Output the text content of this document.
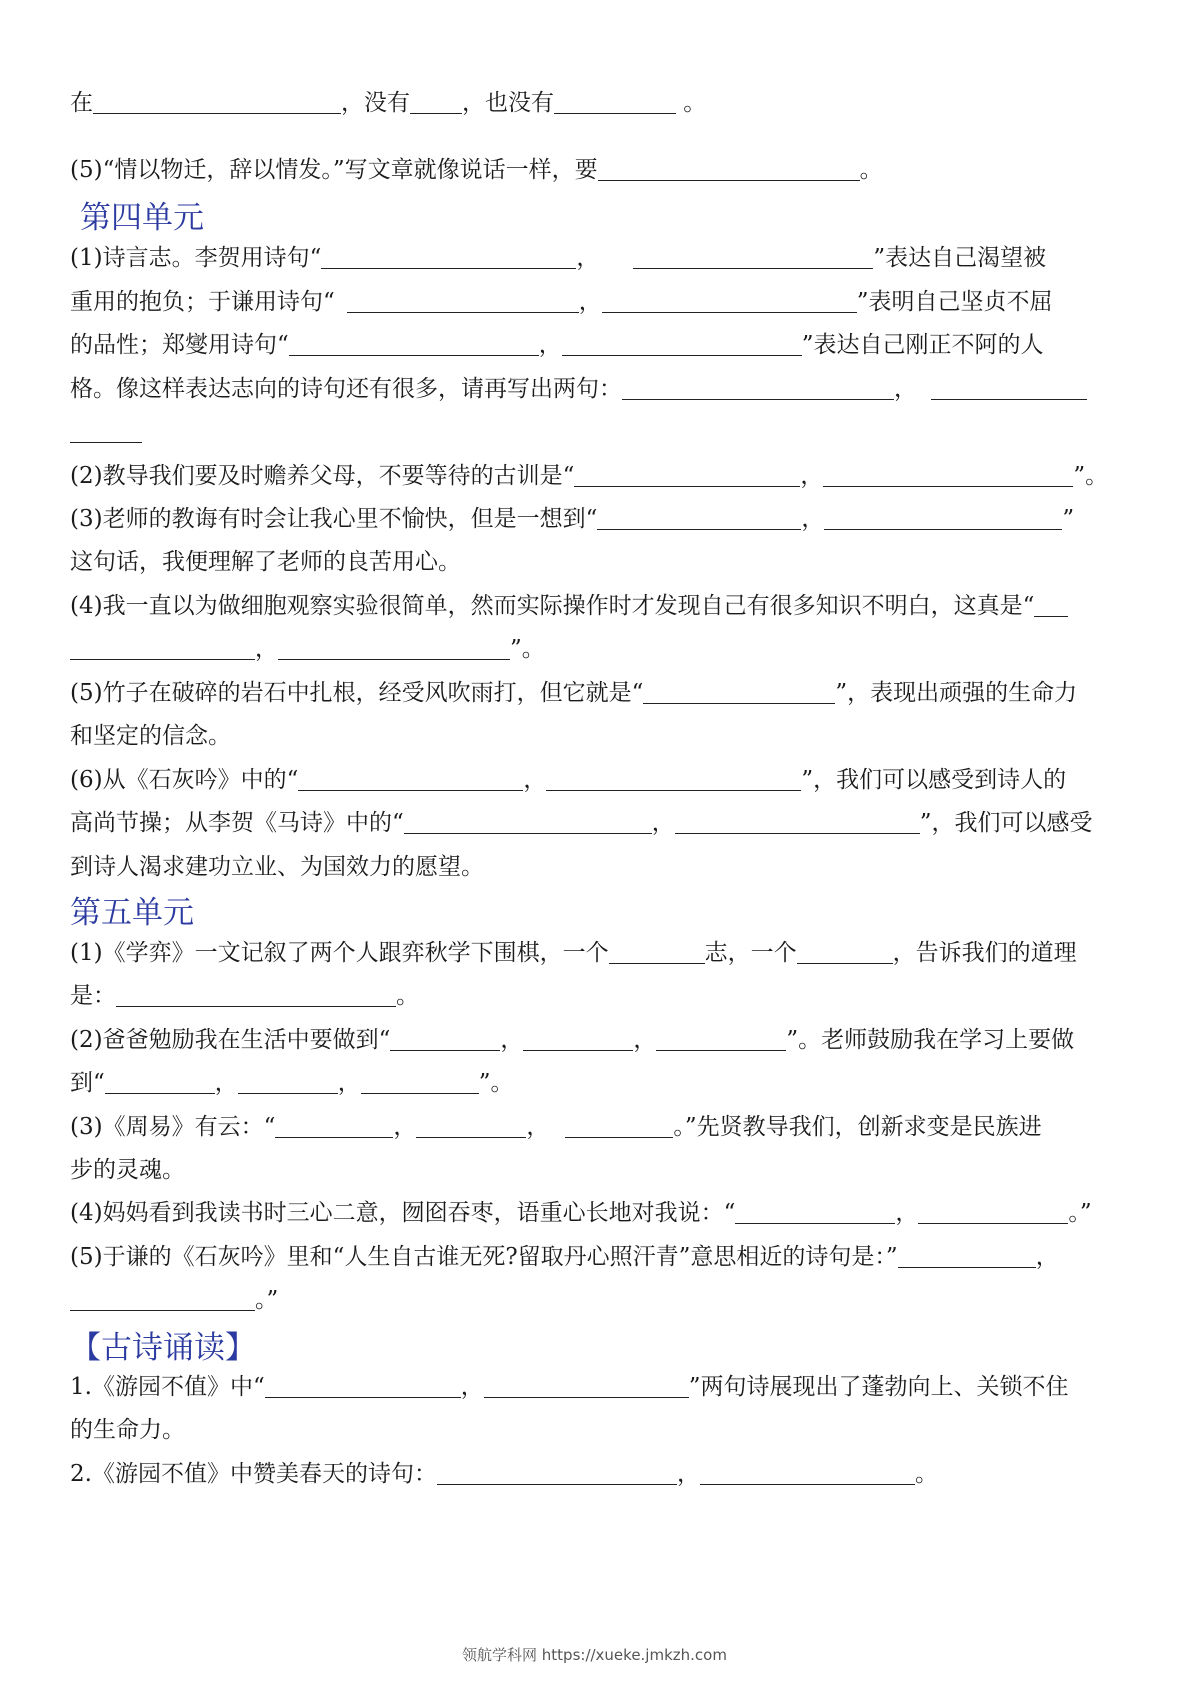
在	，没有 ，也没有	。
(5)“情以物迁，辞以情发。”写文章就像说话一样，要	。
第四单元
(1)诗言志。李贺用诗句“	，	”表达自己渴望被
重用的抱负；于谦用诗句“	，	”表明自己坚贞不屈
的品性；郑燮用诗句“	，	”表达自己刚正不阿的人
格。像这样表达志向的诗句还有很多，请再写出两句：	，
(2)教导我们要及时赡养父母，不要等待的古训是“	，	”。
(3)老师的教诲有时会让我心里不愉快，但是一想到“	，	”
这句话，我便理解了老师的良苦用心。
(4)我一直以为做细胞观察实验很简单，然而实际操作时才发现自己有很多知识不明白，这真是“
，	”。
(5)竹子在破碎的岩石中扎根，经受风吹雨打，但它就是“	”，表现出顽强的生命力
和坚定的信念。
(6)从《石灰吟》中的“	，	”，我们可以感受到诗人的
高尚节操；从李贺《马诗》中的“	，	”，我们可以感受
到诗人渴求建功立业、为国效力的愿望。
第五单元
(1)《学弈》一文记叙了两个人跟弈秋学下围棋，一个	志，一个	，告诉我们的道理
是：	。
(2)爸爸勉励我在生活中要做到“	，	，	”。老师鼓励我在学习上要做
到“	，	，	”。
(3)《周易》有云：“	，	，	。”先贤教导我们，创新求变是民族进
步的灵魂。
(4)妈妈看到我读书时三心二意，囫囵吞枣，语重心长地对我说：“	，	。”
(5)于谦的《石灰吟》里和“人生自古谁无死?留取丹心照汗青”意思相近的诗句是：”	，
。”
【古诗诵读】
1.《游园不值》中“	，	”两句诗展现出了蓬勃向上、关锁不住
的生命力。
2.《游园不值》中赞美春天的诗句：	，	。
领航学科网 https://xueke.jmkzh.com
